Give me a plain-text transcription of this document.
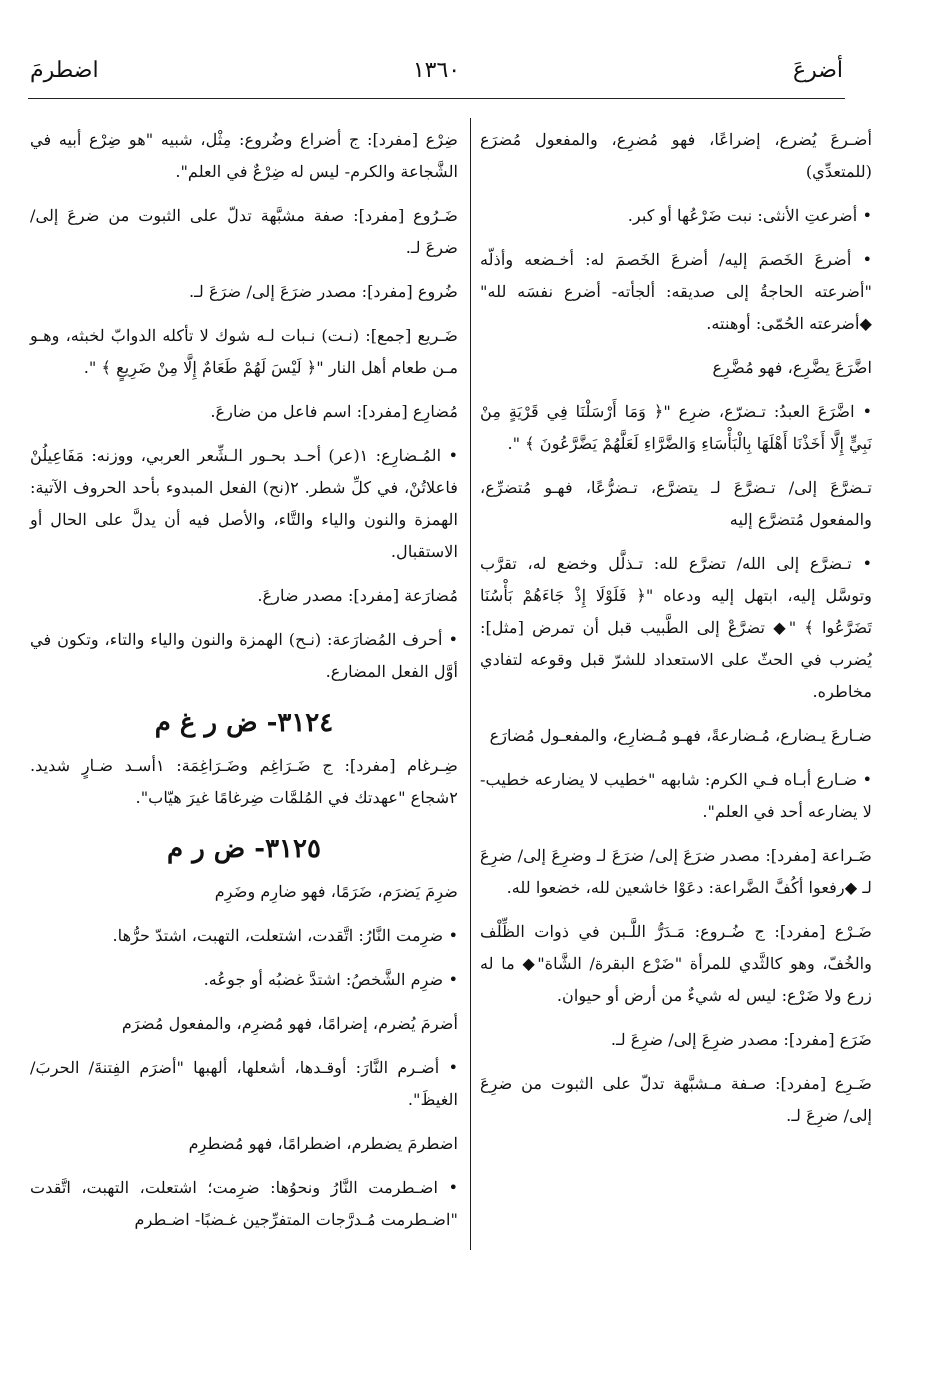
أضرعَ
١٣٦٠
اضطرمَ

أضـرعَ يُضرع، إضراعًا، فهو مُضرِع، والمفعول مُضرَع (للمتعدِّي)

• أضرعتِ الأنثى: نبت ضَرْعُها أو كبر.

• أضرعَ الخَصمَ إليه/ أضرعَ الخَصمَ له: أخـضعه وأذلّه "أضرعته الحاجةُ إلى صديقه: ألجأته- أضرع نفسَه لله" ◆أضرعته الحُمّى: أوهنته.

اضَّرَعَ يضَّرِع، فهو مُضَّرِع

• اضَّرَعَ العبدُ: تـضرّع، ضرِع "﴿ وَمَا أَرْسَلْنَا فِي قَرْيَةٍ مِنْ نَبِيٍّ إِلَّا أَخَذْنَا أَهْلَهَا بِالْبَأْسَاءِ وَالضَّرَّاءِ لَعَلَّهُمْ يَضَّرَّعُونَ ﴾ ".

تـضرَّعَ إلى/ تـضرَّعَ لـ يتضرَّع، تـضرُّعًا، فهـو مُتضرِّع، والمفعول مُتضرَّع إليه

• تـضرَّع إلى الله/ تضرَّع لله: تـذلَّل وخضع له، تقرَّب وتوسَّل إليه، ابتهل إليه ودعاه "﴿ فَلَوْلَا إِذْ جَاءَهُمْ بَأْسُنَا تَضَرَّعُوا ﴾ "◆ تضرَّعْ إلى الطَّبيب قبل أن تمرض [مثل]: يُضرب في الحثّ على الاستعداد للشرّ قبل وقوعه لتفادي مخاطره.

ضـارعَ يـضارع، مُـضارعةً، فهـو مُـضارِع، والمفعـول مُضارَع

• ضـارع أبـاه فـي الكرم: شابهه "خطيب لا يضارعه خطيب- لا يضارعه أحد في العلم".

ضَـراعة [مفرد]: مصدر ضرَعَ إلى/ ضرَعَ لـ وضرِعَ إلى/ ضرِعَ لـ ◆رفعوا أكُفَّ الضَّراعة: دعَوْا خاشعين لله، خضعوا لله.

ضَـرْع [مفرد]: ج ضُـروع: مَـدَرُّ اللَّـبن في ذوات الظِّلْف والخُفّ، وهو كالثَّدي للمرأة "ضَرْع البقرة/ الشَّاة"◆ ما له زرع ولا ضَرْع: ليس له شيءٌ من أرض أو حيوان.

ضَرَع [مفرد]: مصدر ضرِعَ إلى/ ضرِعَ لـ.

ضَـرِع [مفرد]: صـفة مـشبَّهة تدلّ على الثبوت من ضرِعَ إلى/ ضرِعَ لـ.

ضِرْع [مفرد]: ج أضراع وضُروع: مِثْل، شبيه "هو ضِرْع أبيه في الشَّجاعة والكرم- ليس له ضِرْعٌ في العلم".

ضَـرُوع [مفرد]: صفة مشبَّهة تدلّ على الثبوت من ضرعَ إلى/ ضرعَ لـ.

ضُروع [مفرد]: مصدر ضرَعَ إلى/ ضرَعَ لـ.

ضَـريع [جمع]: (نـت) نـبات لـه شوك لا تأكله الدوابّ لخبثه، وهـو مـن طعام أهل النار "﴿ لَيْسَ لَهُمْ طَعَامٌ إِلَّا مِنْ ضَرِيعٍ ﴾ ".

مُضارِع [مفرد]: اسم فاعل من ضارعَ.

• المُـضارِع: ١(عر) أحـد بحـور الـشِّعر العربي، ووزنه: مَفَاعِيلُنْ فاعلاتُنْ، في كلِّ شطر. ٢(نح) الفعل المبدوء بأحد الحروف الآتية: الهمزة والنون والياء والتَّاء، والأصل فيه أن يدلَّ على الحال أو الاستقبال.

مُضارَعة [مفرد]: مصدر ضارعَ.

• أحرف المُضارَعة: (نـح) الهمزة والنون والياء والتاء، وتكون في أوَّل الفعل المضارع.

٣١٢٤- ض ر غ م

ضِـرغام [مفرد]: ج ضَـرَاغِم وضَـرَاغِمَة: ١أسـد ضـارٍ شديد. ٢شجاع "عهدتك في المُلمَّات ضِرغامًا غيرَ هيّاب".

٣١٢٥- ض ر م

ضرِمَ يَضرَم، ضَرَمًا، فهو ضارِم وضَرِم

• ضرِمت النَّارُ: اتَّقدت، اشتعلت، التهبت، اشتدّ حرُّها.

• ضرِم الشَّخصُ: اشتدَّ غضبُه أو جوعُه.

أضرمَ يُضرم، إضرامًا، فهو مُضرِم، والمفعول مُضرَم

• أضـرم النَّارَ: أوقـدها، أشعلها، ألهبها "أضرَم الفِتنةَ/ الحربَ/ الغيظَ".

اضطرمَ يضطرم، اضطرامًا، فهو مُضطرِم

• اضـطرمت النَّارُ ونحوُها: ضرِمت؛ اشتعلت، التهبت، اتَّقدت "اضـطرمت مُـدرَّجات المتفرِّجين غـضبًا- اضـطرم
